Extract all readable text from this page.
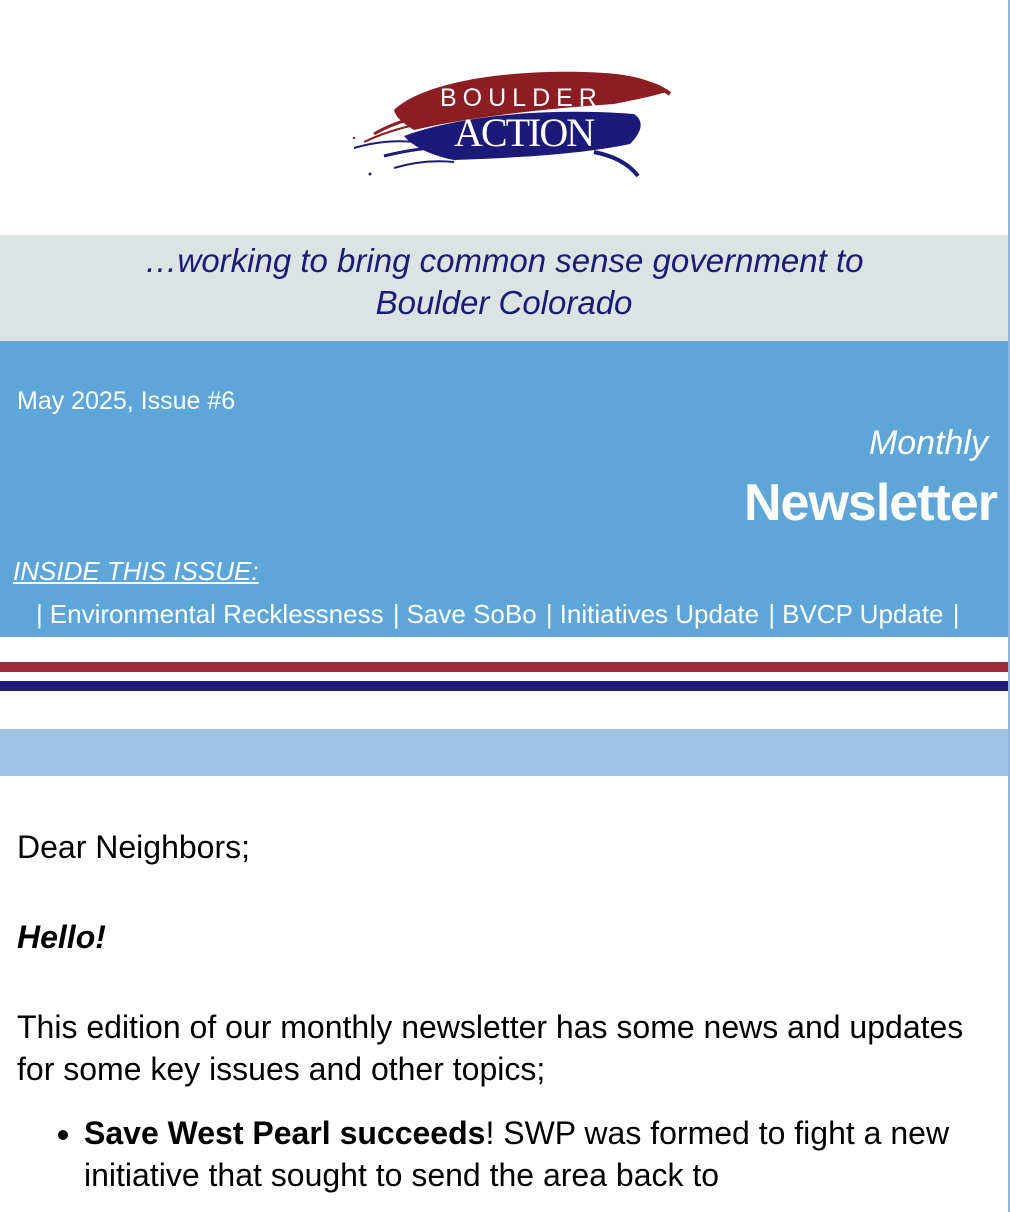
BOULDER
ACTION
…working to bring common sense government to Boulder Colorado
May 2025, Issue #6
Monthly
Newsletter
INSIDE THIS ISSUE:
| Environmental Recklessness | Save SoBo | Initiatives Update | BVCP Update |

Dear Neighbors;

Hello!

This edition of our monthly newsletter has some news and updates for some key issues and other topics;

• Save West Pearl succeeds! SWP was formed to fight a new initiative that sought to send the area back to
